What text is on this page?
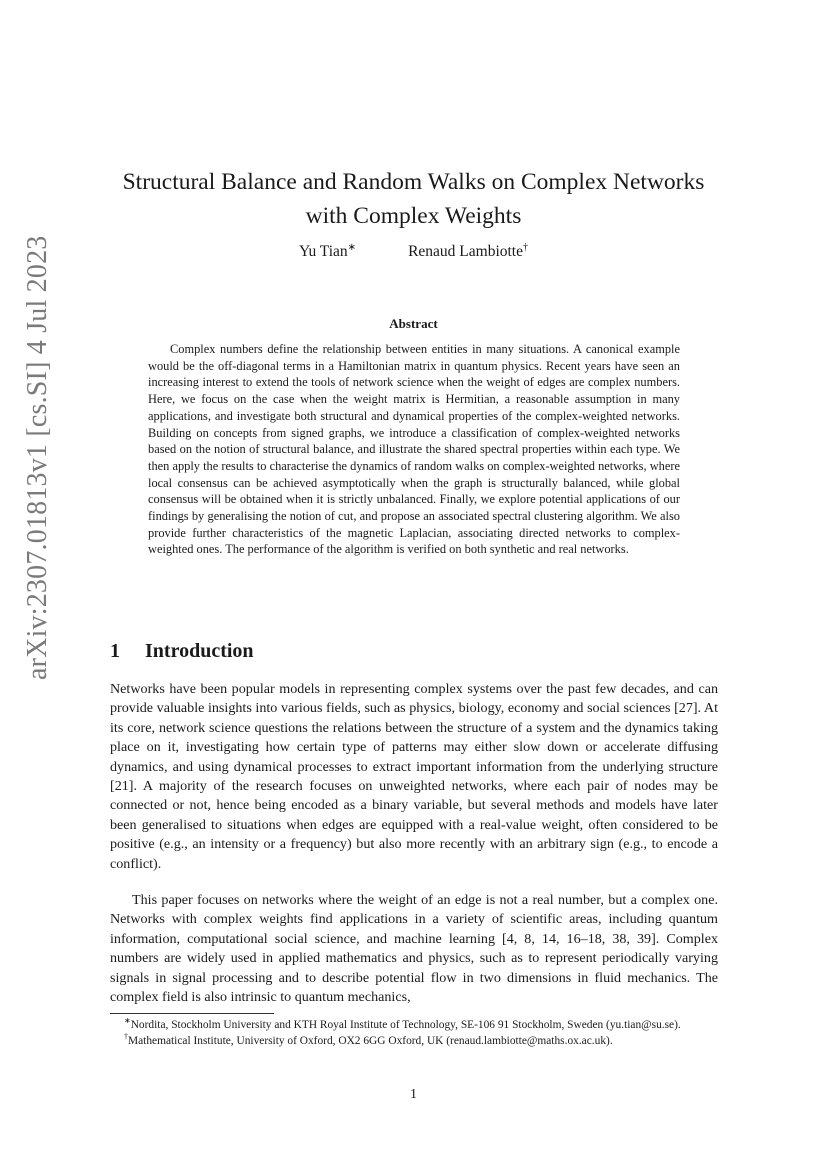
arXiv:2307.01813v1 [cs.SI] 4 Jul 2023
Structural Balance and Random Walks on Complex Networks
with Complex Weights
Yu Tian∗	Renaud Lambiotte†
Abstract

Complex numbers define the relationship between entities in many situations. A canonical example would be the off-diagonal terms in a Hamiltonian matrix in quantum physics. Recent years have seen an increasing interest to extend the tools of network science when the weight of edges are complex numbers. Here, we focus on the case when the weight matrix is Hermitian, a reasonable assumption in many applications, and investigate both structural and dynamical properties of the complex-weighted networks. Building on concepts from signed graphs, we introduce a classification of complex-weighted networks based on the notion of structural balance, and illustrate the shared spectral properties within each type. We then apply the results to characterise the dynamics of random walks on complex-weighted networks, where local consensus can be achieved asymptotically when the graph is structurally balanced, while global consensus will be obtained when it is strictly unbalanced. Finally, we explore potential applications of our findings by generalising the notion of cut, and propose an associated spectral clustering algorithm. We also provide further characteristics of the magnetic Laplacian, associating directed networks to complex-weighted ones. The performance of the algorithm is verified on both synthetic and real networks.

1 Introduction

Networks have been popular models in representing complex systems over the past few decades, and can provide valuable insights into various fields, such as physics, biology, economy and social sciences [27]. At its core, network science questions the relations between the structure of a system and the dynamics taking place on it, investigating how certain type of patterns may either slow down or accelerate diffusing dynamics, and using dynamical processes to extract important information from the underlying structure [21]. A majority of the research focuses on unweighted networks, where each pair of nodes may be connected or not, hence being encoded as a binary variable, but several methods and models have later been generalised to situations when edges are equipped with a real-value weight, often considered to be positive (e.g., an intensity or a frequency) but also more recently with an arbitrary sign (e.g., to encode a conflict).

This paper focuses on networks where the weight of an edge is not a real number, but a complex one. Networks with complex weights find applications in a variety of scientific areas, including quantum information, computational social science, and machine learning [4, 8, 14, 16–18, 38, 39]. Complex numbers are widely used in applied mathematics and physics, such as to represent periodically varying signals in signal processing and to describe potential flow in two dimensions in fluid mechanics. The complex field is also intrinsic to quantum mechanics,

∗Nordita, Stockholm University and KTH Royal Institute of Technology, SE-106 91 Stockholm, Sweden (yu.tian@su.se).

†Mathematical Institute, University of Oxford, OX2 6GG Oxford, UK (renaud.lambiotte@maths.ox.ac.uk).

1
